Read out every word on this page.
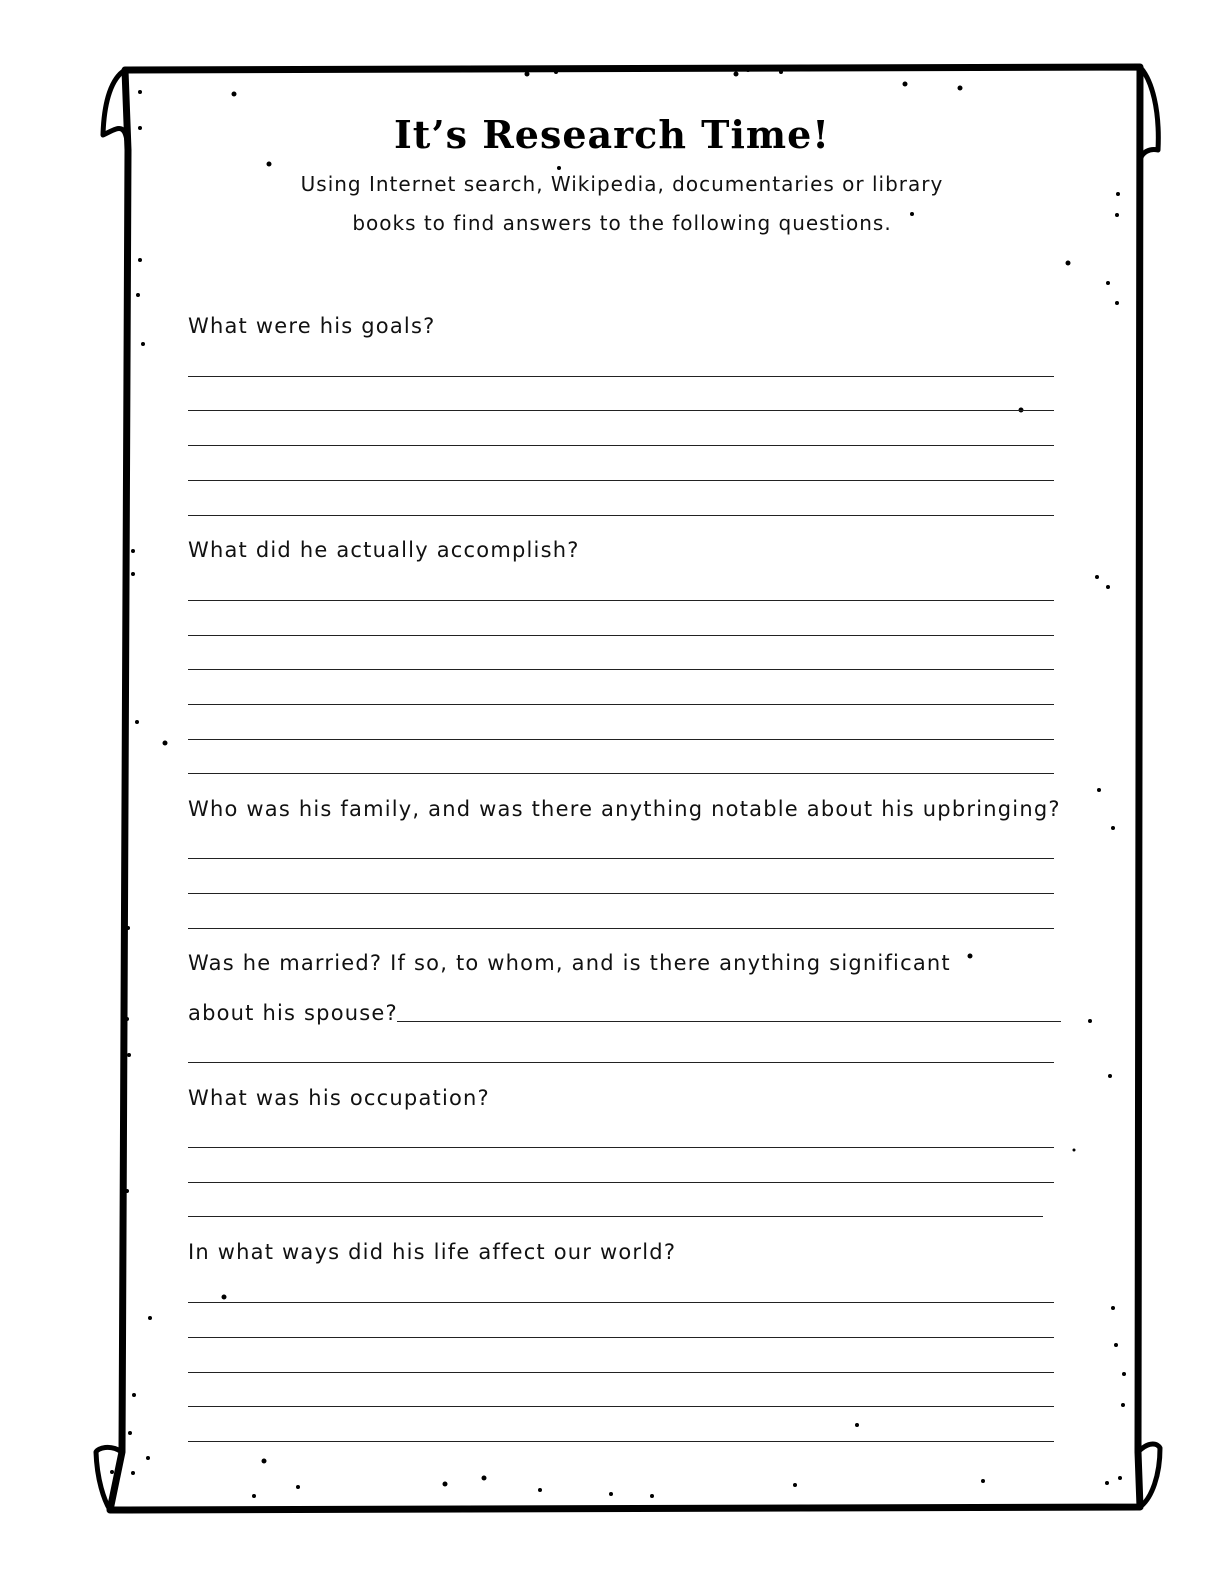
It’s Research Time!
Using Internet search, Wikipedia, documentaries or library
books to find answers to the following questions.
What were his goals?
What did he actually accomplish?
Who was his family, and was there anything notable about his upbringing?
Was he married? If so, to whom, and is there anything significant
about his spouse?
What was his occupation?
In what ways did his life affect our world?
